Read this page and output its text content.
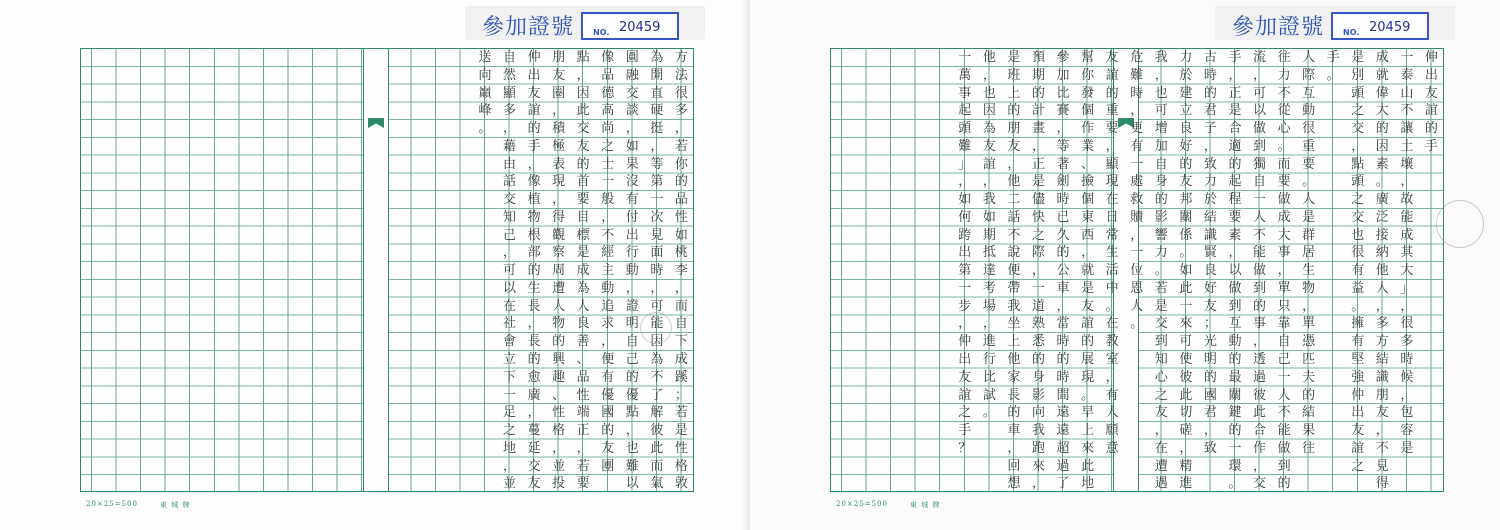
參加證號 NO. 20459
方
法
很
多
，
若
你
的
品
性
如
桃
李
，
而
自
下
成
蹊
；
若
是
性
格
敦
為
開
直
硬
挺
，
等
第
一
次
見
面
時
，
可
能
因
為
不
了
解
彼
此
而
氣
圓
融
交
談
，
如
果
沒
有
付
出
行
動
，
證
明
自
己
的
優
點
，
也
難
以
像
品
德
高
尚
之
士
一
般
，
不
經
主
動
追
求
，
便
有
優
國
的
友
團
點
，
因
此
交
友
的
首
要
目
標
是
成
為
人
良
善
、
品
性
端
正
，
若
要
朋
友
圈
，
積
極
表
現
，
得
觀
察
周
遭
人
物
的
興
趣
、
性
格
，
並
投
仲
出
友
誼
的
手
，
像
植
物
根
部
的
生
長
，
長
的
愈
廣
，
蔓
延
交
友
自
然
顯
多
，
藉
由
話
交
知
己
，
可
以
在
社
會
立
下
一
足
之
地
，
並
送
向
巔
峰
。
20×25=500	東 城 牌
參加證號 NO. 20459
伸
出
友
誼
的
手
一
泰
山
不
讓
土
壤
，
故
能
成
其
大
」
，
很
多
時
候
，
包
容
是
成
就
偉
大
的
因
素
。
廣
泛
接
納
他
人
，
多
方
結
識
朋
友
，
不
見
得
是
別
頭
之
交
，
點
頭
之
交
也
很
有
益
。
擁
有
堅
強
仲
出
友
誼
之
手
。
人
際
互
動
很
重
要
。
人
是
群
居
生
物
，
單
憑
匹
夫
的
結
果
往
往
力
不
從
心
。
而
要
做
成
大
事
，
單
只
靠
自
己
一
人
不
能
做
到
的
流
，
可
以
做
到
獨
自
一
人
不
能
做
到
的
事
，
透
過
彼
此
合
作
，
交
手
，
正
是
合
適
的
起
程
要
素
，
以
做
到
互
動
的
最
關
鍵
的
一
環
。
古
時
的
君
子
，
致
力
於
結
識
賢
良
好
友
；
光
明
的
國
君
，
致
力
於
建
立
良
好
的
友
邦
關
係
。
如
此
一
來
可
使
彼
此
切
磋
，
精
進
我
，
也
可
增
加
自
身
的
影
響
力
。
若
是
交
到
知
心
之
友
，
在
遭
遇
危
難
時
，
更
有
一
處
救
贖
，
一
位
恩
人
。
友
誼
的
重
要
，
顯
現
在
日
常
生
活
中
。
在
教
室
，
有
人
願
意
幫
你
發
個
作
業
、
撿
個
東
西
，
就
是
友
誼
的
展
現
。
早
上
來
此
地
參
加
比
賽
，
等
著
劍
時
已
久
的
公
車
，
當
時
的
時
間
遠
遠
超
過
了
預
期
的
計
畫
，
正
是
儘
快
之
際
，
一
道
熟
悉
的
身
影
向
我
跑
來
，
是
班
上
的
朋
友
，
他
二
話
不
說
便
帶
我
坐
上
他
家
長
的
車
，
回
想
他
，
也
因
為
友
誼
，
我
如
期
抵
達
考
場
，
進
行
比
試
。
一
萬
事
起
頭
難
」
，
如
何
跨
出
第
一
步
，
仲
出
友
誼
之
手
？
20×25=500	東 城 牌
